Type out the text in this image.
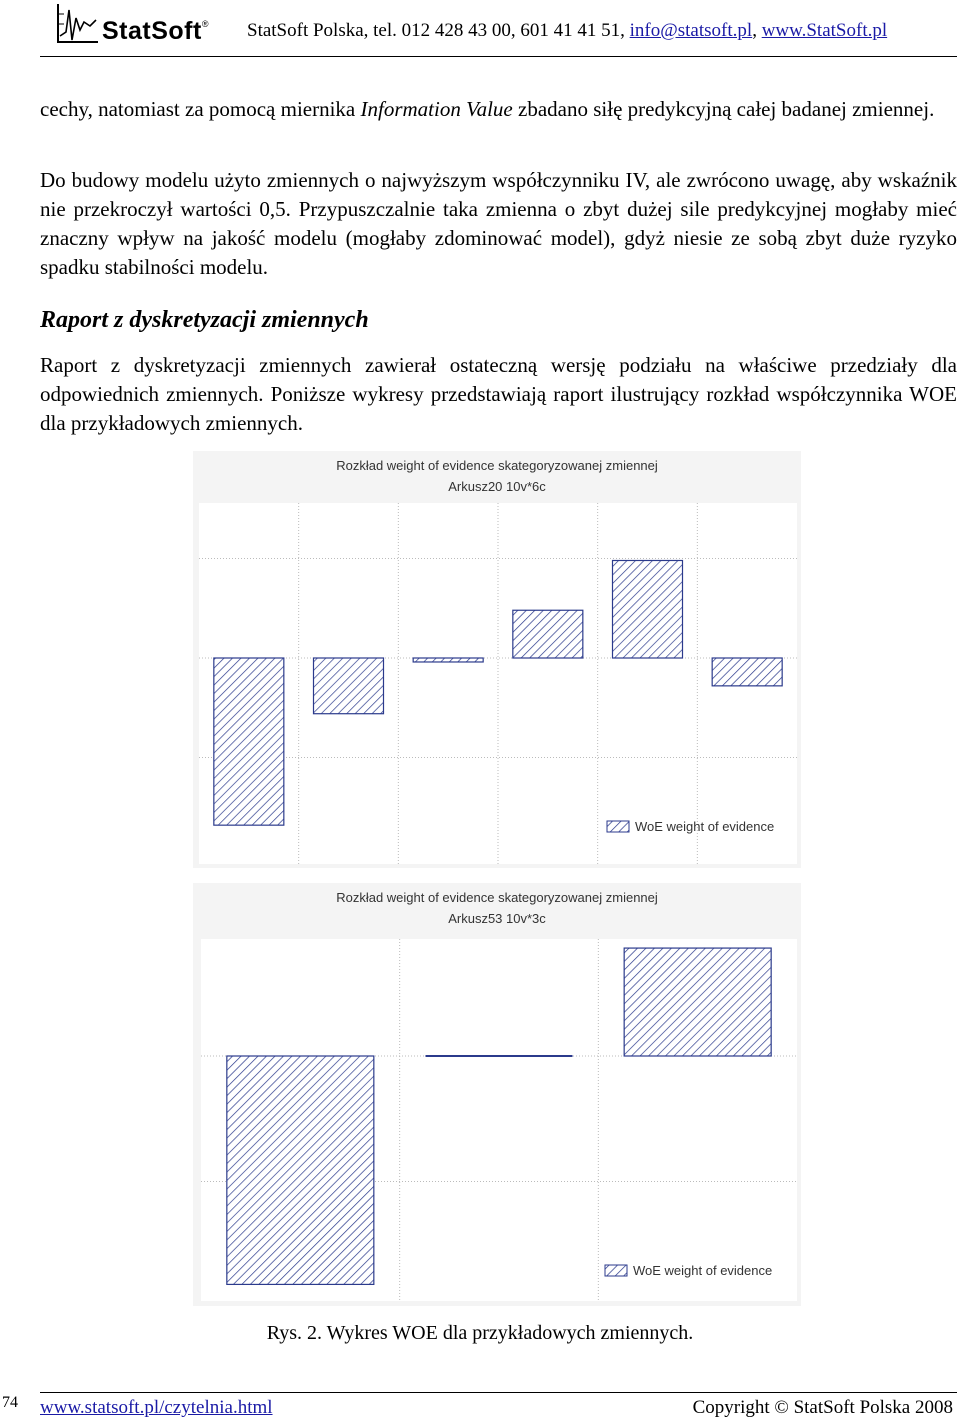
StatSoft® StatSoft Polska, tel. 012 428 43 00, 601 41 41 51, info@statsoft.pl, www.StatSoft.pl

cechy, natomiast za pomocą miernika Information Value zbadano siłę predykcyjną całej badanej zmiennej.

Do budowy modelu użyto zmiennych o najwyższym współczynniku IV, ale zwrócono uwagę, aby wskaźnik nie przekroczył wartości 0,5. Przypuszczalnie taka zmienna o zbyt dużej sile predykcyjnej mogłaby mieć znaczny wpływ na jakość modelu (mogłaby zdominować model), gdyż niesie ze sobą zbyt duże ryzyko spadku stabilności modelu.

Raport z dyskretyzacji zmiennych

Raport z dyskretyzacji zmiennych zawierał ostateczną wersję podziału na właściwe przedziały dla odpowiednich zmiennych. Poniższe wykresy przedstawiają raport ilustrujący rozkład współczynnika WOE dla przykładowych zmiennych.

Rozkład weight of evidence skategoryzowanej zmiennej
Arkusz20 10v*6c
WoE weight of evidence
Rozkład weight of evidence skategoryzowanej zmiennej
Arkusz53 10v*3c
WoE weight of evidence
Rys. 2. Wykres WOE dla przykładowych zmiennych.
74 www.statsoft.pl/czytelnia.html	Copyright © StatSoft Polska 2008
